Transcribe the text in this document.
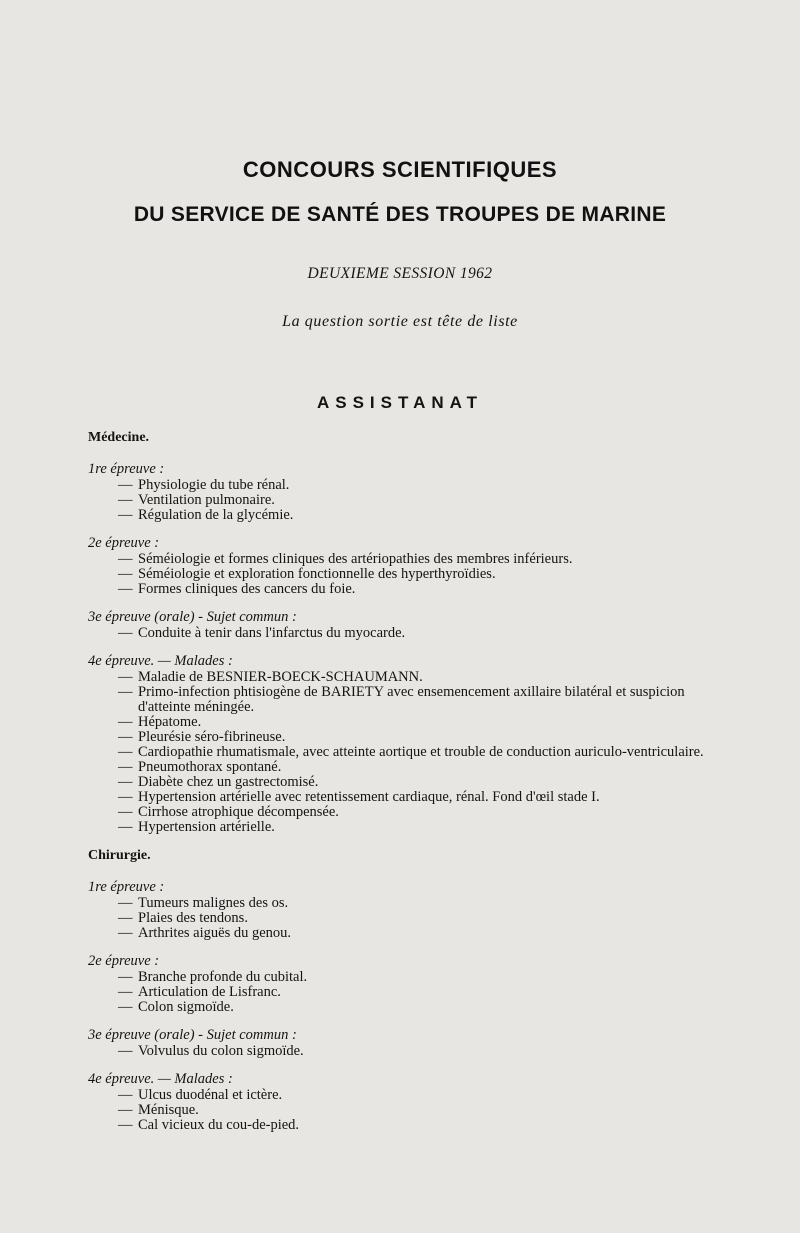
CONCOURS SCIENTIFIQUES
DU SERVICE DE SANTÉ DES TROUPES DE MARINE
DEUXIEME SESSION 1962
La question sortie est tête de liste
ASSISTANAT
Médecine.
1re épreuve :
— Physiologie du tube rénal.
— Ventilation pulmonaire.
— Régulation de la glycémie.
2e épreuve :
— Séméiologie et formes cliniques des artériopathies des membres inférieurs.
— Séméiologie et exploration fonctionnelle des hyperthyroïdies.
— Formes cliniques des cancers du foie.
3e épreuve (orale) - Sujet commun :
— Conduite à tenir dans l'infarctus du myocarde.
4e épreuve. — Malades :
— Maladie de BESNIER-BOECK-SCHAUMANN.
— Primo-infection phtisiogène de BARIETY avec ensemencement axillaire bilatéral et suspicion d'atteinte méningée.
— Hépatome.
— Pleurésie séro-fibrineuse.
— Cardiopathie rhumatismale, avec atteinte aortique et trouble de conduction auriculo-ventriculaire.
— Pneumothorax spontané.
— Diabète chez un gastrectomisé.
— Hypertension artérielle avec retentissement cardiaque, rénal. Fond d'œil stade I.
— Cirrhose atrophique décompensée.
— Hypertension artérielle.
Chirurgie.
1re épreuve :
— Tumeurs malignes des os.
— Plaies des tendons.
— Arthrites aiguës du genou.
2e épreuve :
— Branche profonde du cubital.
— Articulation de Lisfranc.
— Colon sigmoïde.
3e épreuve (orale) - Sujet commun :
— Volvulus du colon sigmoïde.
4e épreuve. — Malades :
— Ulcus duodénal et ictère.
— Ménisque.
— Cal vicieux du cou-de-pied.
